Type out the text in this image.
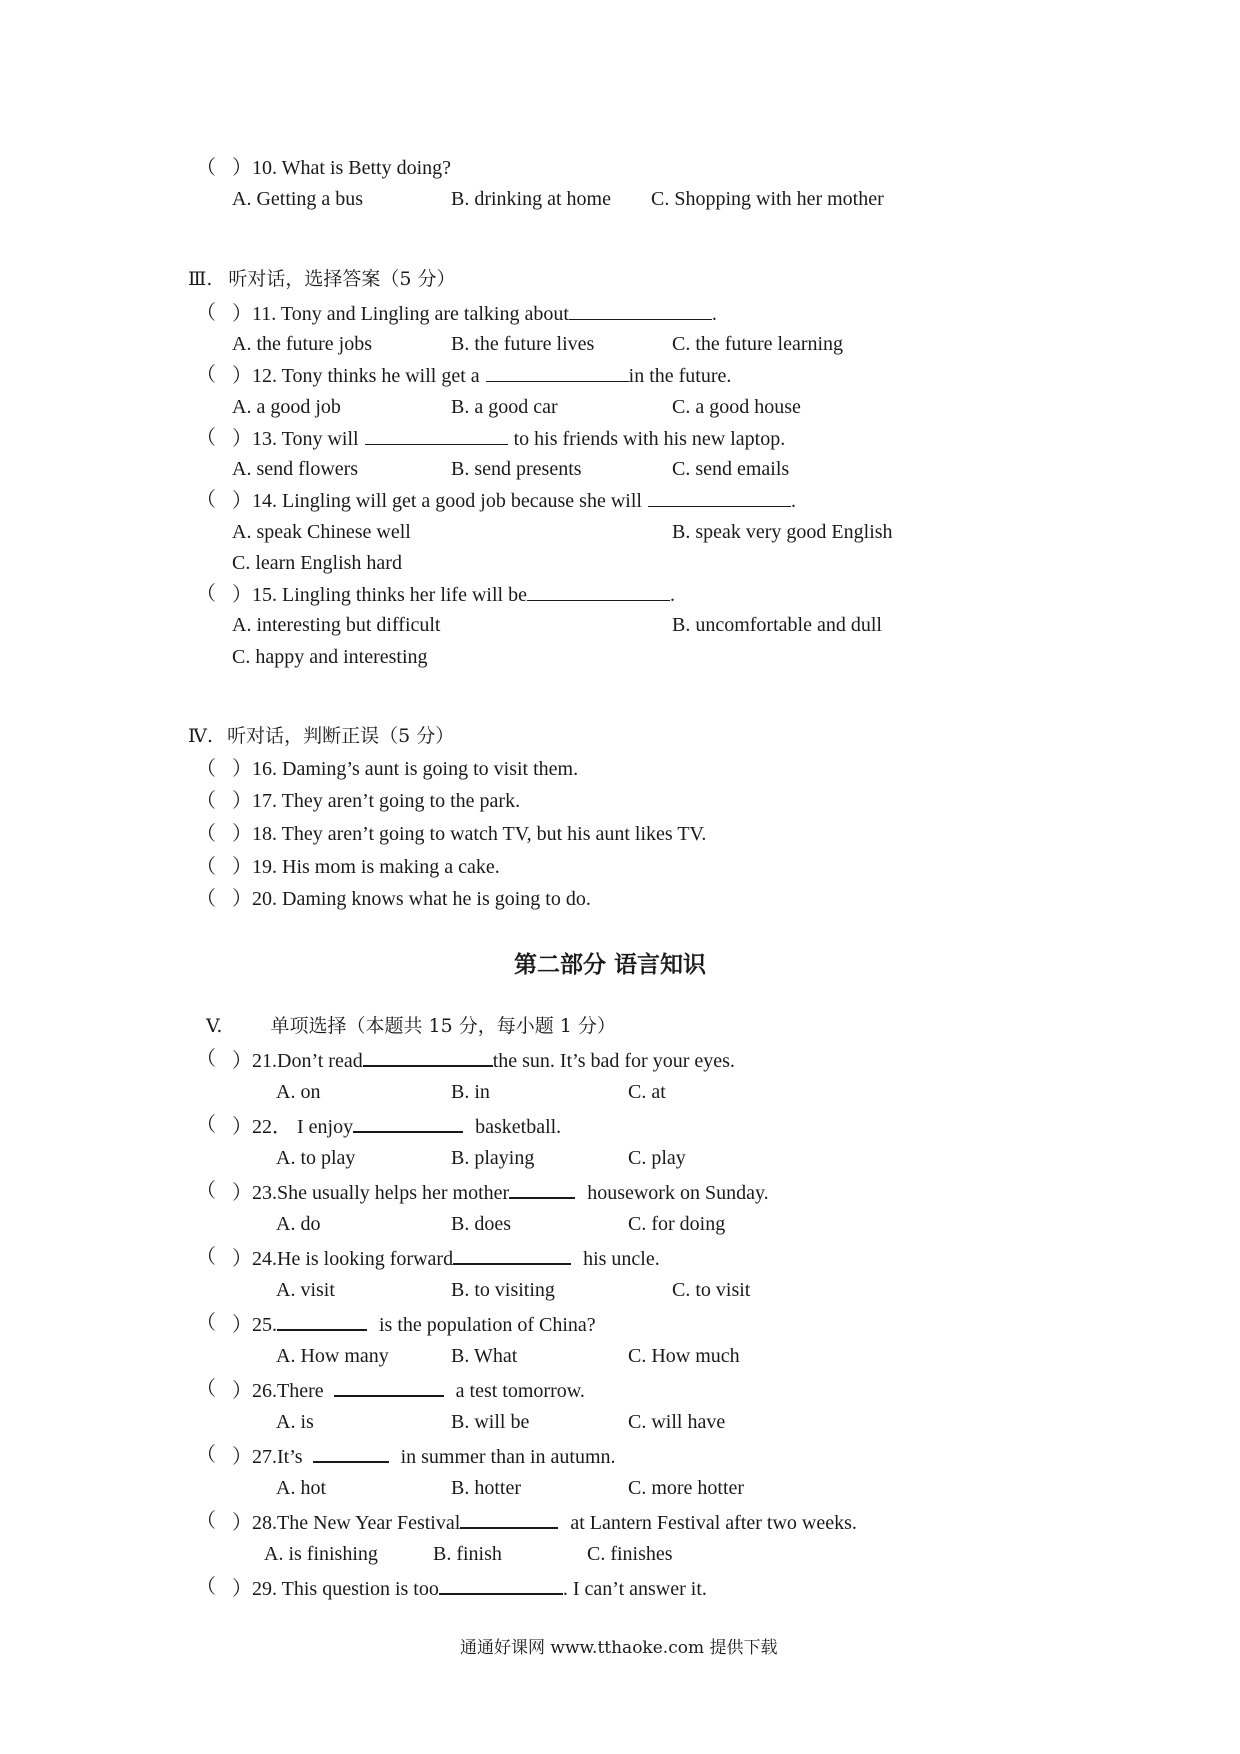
（ ）10. What is Betty doing?
A. Getting a bus	B. drinking at home C. Shopping with her mother
Ⅲ. 听对话，选择答案（5 分）
（ ）11. Tony and Lingling are talking about	.
A. the future jobs	B. the future lives	C. the future learning
（ ）12. Tony thinks he will get a	in the future.
A. a good job	B. a good car	C. a good house
（ ）13. Tony will	to his friends with his new laptop.
A. send flowers	B. send presents	C. send emails
（ ）14. Lingling will get a good job because she will	.
A. speak Chinese well	B. speak very good English
C. learn English hard
（ ）15. Lingling thinks her life will be	.
A. interesting but difficult	B. uncomfortable and dull
C. happy and interesting
Ⅳ. 听对话，判断正误（5 分）
（ ）16. Daming’s aunt is going to visit them.
（ ）17. They aren’t going to the park.
（ ）18. They aren’t going to watch TV, but his aunt likes TV.
（ ）19. His mom is making a cake.
（ ）20. Daming knows what he is going to do.
第二部分 语言知识
V.	单项选择（本题共 15 分，每小题 1 分）
（ ）21.Don’t read	the sun. It’s bad for your eyes.
A. on	B. in	C. at
（ ）22． I enjoy	basketball.
A. to play	B. playing	C. play
（ ）23.She usually helps her mother	housework on Sunday.
A. do	B. does	C. for doing
（ ）24.He is looking forward	his uncle.
A. visit	B. to visiting	C. to visit
（ ）25.	is the population of China?
A. How many	B. What	C. How much
（ ）26.There	a test tomorrow.
A. is	B. will be	C. will have
（ ）27.It’s	in summer than in autumn.
A. hot	B. hotter	C. more hotter
（ ）28.The New Year Festival	at Lantern Festival after two weeks.
A. is finishing	B. finish	C. finishes
（ ）29. This question is too	. I can’t answer it.
通通好课网 www.tthaoke.com 提供下载
